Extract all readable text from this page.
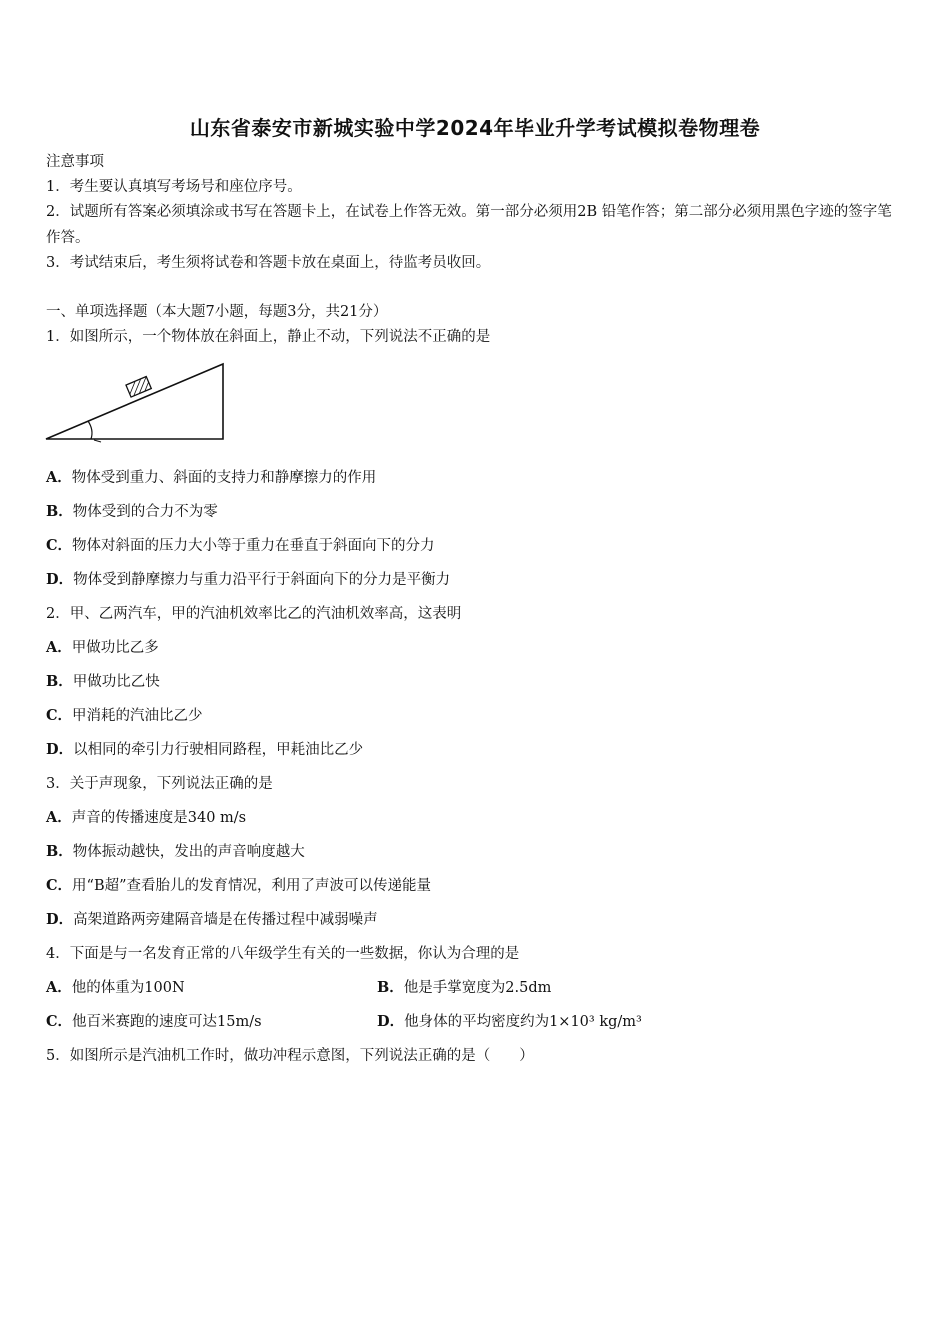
山东省泰安市新城实验中学2024年毕业升学考试模拟卷物理卷
注意事项
1．考生要认真填写考场号和座位序号。
2．试题所有答案必须填涂或书写在答题卡上，在试卷上作答无效。第一部分必须用2B 铅笔作答；第二部分必须用黑色字迹的签字笔作答。
3．考试结束后，考生须将试卷和答题卡放在桌面上，待监考员收回。
一、单项选择题（本大题7小题，每题3分，共21分）
1．如图所示，一个物体放在斜面上，静止不动，下列说法不正确的是
A．物体受到重力、斜面的支持力和静摩擦力的作用
B．物体受到的合力不为零
C．物体对斜面的压力大小等于重力在垂直于斜面向下的分力
D．物体受到静摩擦力与重力沿平行于斜面向下的分力是平衡力
2．甲、乙两汽车，甲的汽油机效率比乙的汽油机效率高，这表明
A．甲做功比乙多
B．甲做功比乙快
C．甲消耗的汽油比乙少
D．以相同的牵引力行驶相同路程，甲耗油比乙少
3．关于声现象，下列说法正确的是
A．声音的传播速度是340 m/s
B．物体振动越快，发出的声音响度越大
C．用“B超”查看胎儿的发育情况，利用了声波可以传递能量
D．高架道路两旁建隔音墙是在传播过程中减弱噪声
4．下面是与一名发育正常的八年级学生有关的一些数据，你认为合理的是
A．他的体重为100N	B．他是手掌宽度为2.5dm
C．他百米赛跑的速度可达15m/s	D．他身体的平均密度约为1×10³ kg/m³
5．如图所示是汽油机工作时，做功冲程示意图，下列说法正确的是（　　）
